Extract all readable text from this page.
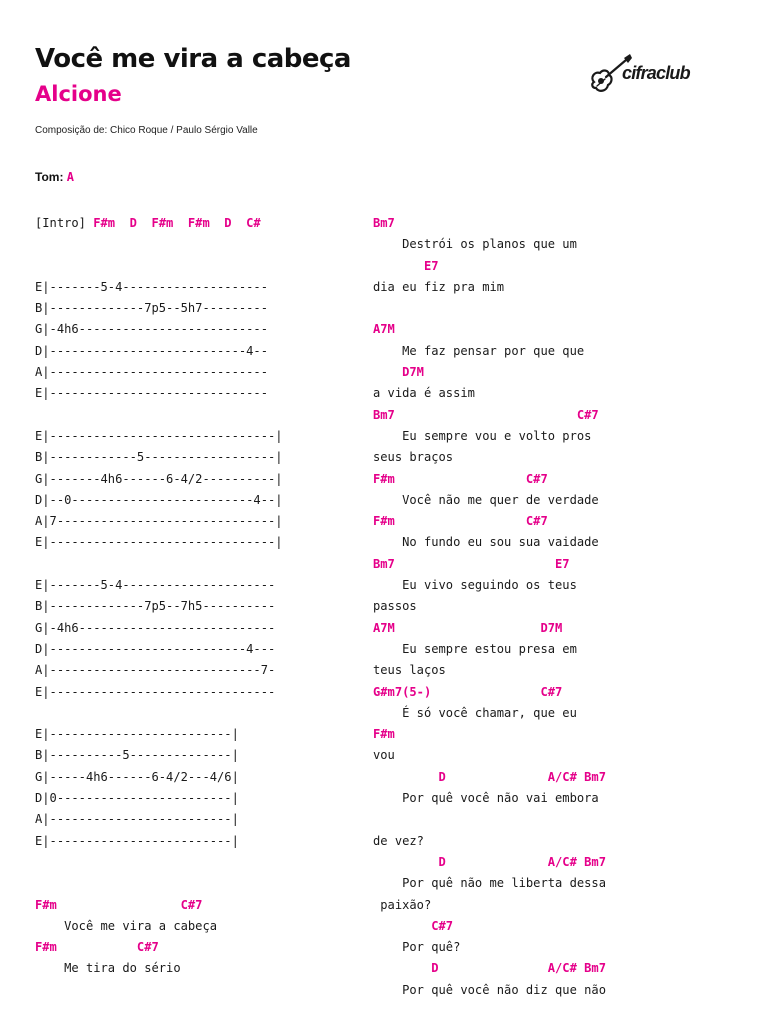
Você me vira a cabeça
Alcione
Composição de: Chico Roque / Paulo Sérgio Valle
cifraclub
Tom: A
[Intro] F#m  D  F#m  F#m  D  C#
E|-------5-4--------------------
B|-------------7p5--5h7---------
G|-4h6--------------------------
D|---------------------------4--
A|------------------------------
E|------------------------------
E|-------------------------------|
B|------------5------------------|
G|-------4h6------6-4/2----------|
D|--0-------------------------4--|
A|7------------------------------|
E|-------------------------------|
E|-------5-4---------------------
B|-------------7p5--7h5----------
G|-4h6---------------------------
D|---------------------------4---
A|-----------------------------7-
E|-------------------------------
E|-------------------------|
B|----------5--------------|
G|-----4h6------6-4/2---4/6|
D|0------------------------|
A|-------------------------|
E|-------------------------|
F#m                 C#7
Você me vira a cabeça
F#m           C#7
Me tira do sério
Bm7
Destrói os planos que um
E7
dia eu fiz pra mim
A7M
Me faz pensar por que que
D7M
a vida é assim
Bm7                         C#7
Eu sempre vou e volto pros
seus braços
F#m                  C#7
Você não me quer de verdade
F#m                  C#7
No fundo eu sou sua vaidade
Bm7                      E7
Eu vivo seguindo os teus
passos
A7M                    D7M
Eu sempre estou presa em
teus laços
G#m7(5-)               C#7
É só você chamar, que eu
F#m
vou
D              A/C# Bm7
Por quê você não vai embora
de vez?
D              A/C# Bm7
Por quê não me liberta dessa
paixão?
C#7
Por quê?
D               A/C# Bm7
Por quê você não diz que não
